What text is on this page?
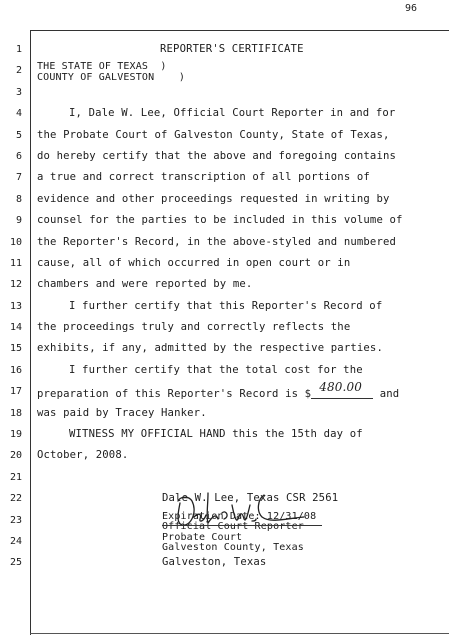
96
1	REPORTER'S CERTIFICATE
2 THE STATE OF TEXAS  )
COUNTY OF GALVESTON    )
3
4	I, Dale W. Lee, Official Court Reporter in and for
5 the Probate Court of Galveston County, State of Texas,
6 do hereby certify that the above and foregoing contains
7 a true and correct transcription of all portions of
8 evidence and other proceedings requested in writing by
9 counsel for the parties to be included in this volume of
10 the Reporter's Record, in the above-styled and numbered
11 cause, all of which occurred in open court or in
12 chambers and were reported by me.
13	I further certify that this Reporter's Record of
14 the proceedings truly and correctly reflects the
15 exhibits, if any, admitted by the respective parties.
16	I further certify that the total cost for the
17 preparation of this Reporter's Record is $ 480.00 and
18 was paid by Tracey Hanker.
19	WITNESS MY OFFICIAL HAND this the 15th day of
20 October, 2008.
21
22	Dale W. Lee, Texas CSR 2561
23	Expiration Date: 12/31/08
Official Court Reporter
24	Probate Court
Galveston County, Texas
25	Galveston, Texas
